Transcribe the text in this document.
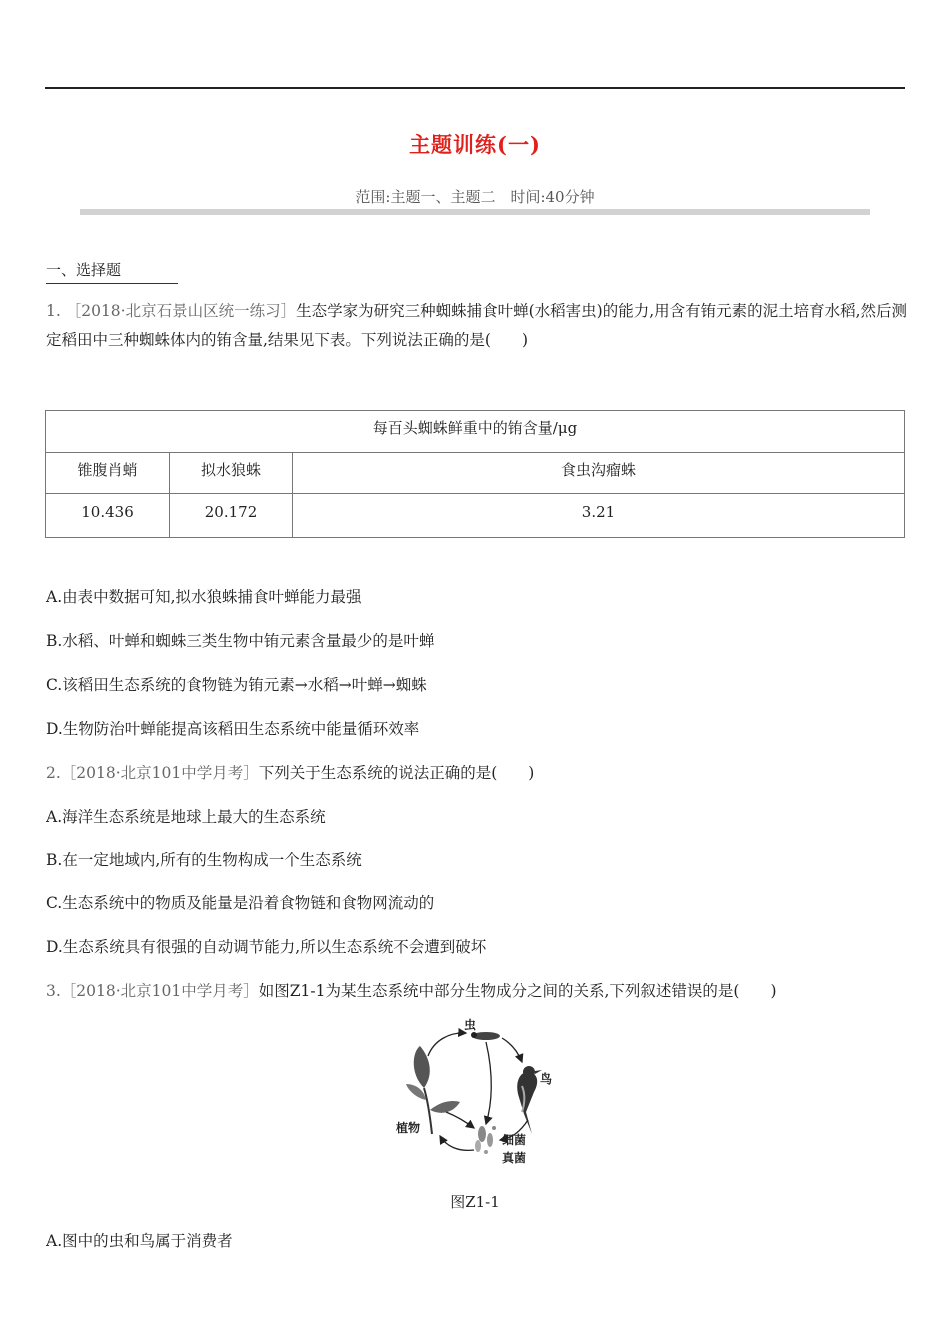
主题训练(一)
范围:主题一、主题二　时间:40分钟
一、选择题
1. ［2018·北京石景山区统一练习］生态学家为研究三种蜘蛛捕食叶蝉(水稻害虫)的能力,用含有铕元素的泥土培育水稻,然后测定稻田中三种蜘蛛体内的铕含量,结果见下表。下列说法正确的是(　　)
每百头蜘蛛鲜重中的铕含量/μg		
锥腹肖蛸	拟水狼蛛	食虫沟瘤蛛
10.436	20.172	3.21
A.由表中数据可知,拟水狼蛛捕食叶蝉能力最强
B.水稻、叶蝉和蜘蛛三类生物中铕元素含量最少的是叶蝉
C.该稻田生态系统的食物链为铕元素→水稻→叶蝉→蜘蛛
D.生物防治叶蝉能提高该稻田生态系统中能量循环效率
2.［2018·北京101中学月考］下列关于生态系统的说法正确的是(　　)
A.海洋生态系统是地球上最大的生态系统
B.在一定地域内,所有的生物构成一个生态系统
C.生态系统中的物质及能量是沿着食物链和食物网流动的
D.生态系统具有很强的自动调节能力,所以生态系统不会遭到破坏
3.［2018·北京101中学月考］如图Z1-1为某生态系统中部分生物成分之间的关系,下列叙述错误的是(　　)
虫
鸟
植物
细菌
真菌
图Z1-1
A.图中的虫和鸟属于消费者
